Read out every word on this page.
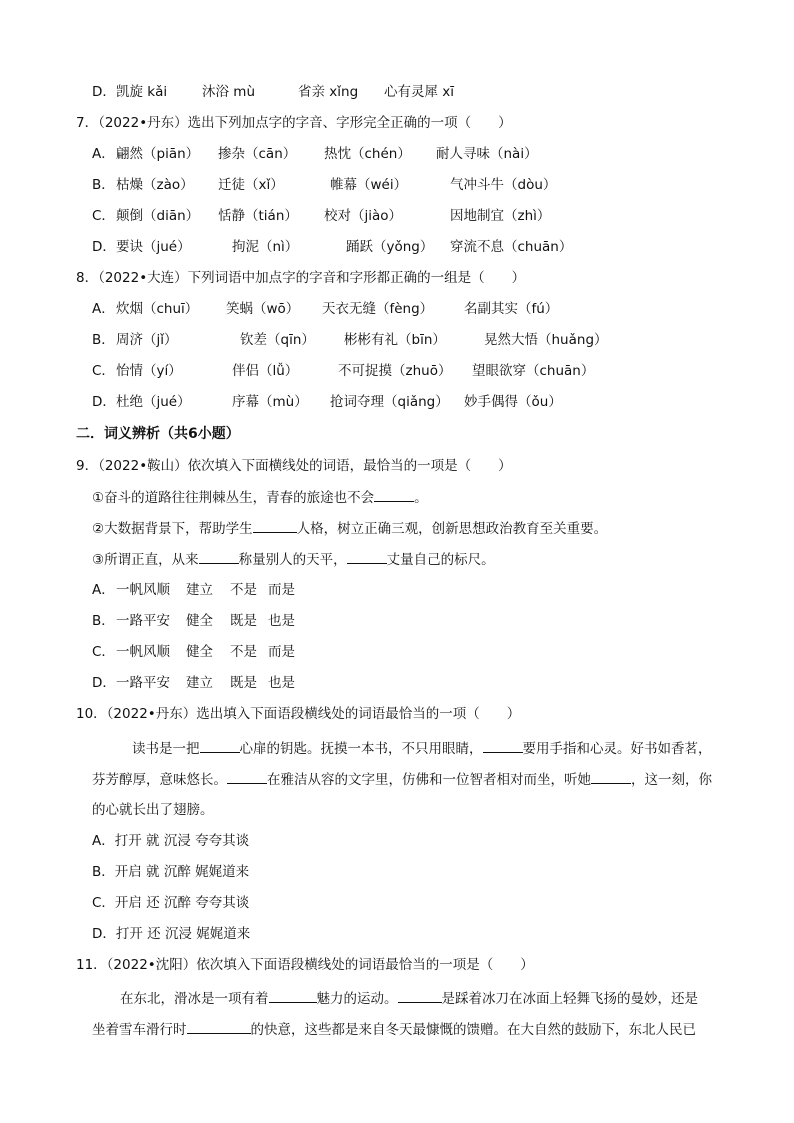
D． 凯旋 kǎi	沐浴 mù	省亲 xǐng 心有灵犀 xī
7．（2022•丹东）选出下列加点字的字音、字形完全正确的一项（　　）
A． 翩然（piān） 掺杂（cān） 热忱（chén） 耐人寻味（nài）
B． 枯燥（zào） 迁徒（xǐ）	帷幕（wéi）	气冲斗牛（dòu）
C． 颠倒（diān） 恬静（tián） 校对（jiào）	因地制宜（zhì）
D． 要诀（jué）	拘泥（nì）	踊跃（yǒng） 穿流不息（chuān）
8．（2022•大连）下列词语中加点字的字音和字形都正确的一组是（　　）
A． 炊烟（chuī） 笑蜗（wō） 天衣无缝（fèng） 名副其实（fú）
B． 周济（jǐ）	钦差（qīn） 彬彬有礼（bīn）	晃然大悟（huǎng）
C． 怡情（yí）	伴侣（lǚ）	不可捉摸（zhuō） 望眼欲穿（chuān）
D． 杜绝（jué）	序幕（mù） 抢词夺理（qiǎng） 妙手偶得（ǒu）
二．词义辨析（共6小题）
9．（2022•鞍山）依次填入下面横线处的词语，最恰当的一项是（　　）
①奋斗的道路往往荆棘丛生，青春的旅途也不会	。
②大数据背景下，帮助学生	人格，树立正确三观，创新思想政治教育至关重要。
③所谓正直，从来	称量别人的天平，	丈量自己的标尺。
A． 一帆风顺 建立 不是 而是
B． 一路平安 健全 既是 也是
C． 一帆风顺 健全 不是 而是
D． 一路平安 建立 既是 也是
10．（2022•丹东）选出填入下面语段横线处的词语最恰当的一项（　　）
读书是一把	心扉的钥匙。抚摸一本书，不只用眼睛，	要用手指和心灵。好书如香茗，
芬芳醇厚，意味悠长。	在雅洁从容的文字里，仿佛和一位智者相对而坐，听她	，这一刻，你
的心就长出了翅膀。
A．打开 就 沉浸 夸夸其谈
B．开启 就 沉醉 娓娓道来
C．开启 还 沉醉 夸夸其谈
D．打开 还 沉浸 娓娓道来
11．（2022•沈阳）依次填入下面语段横线处的词语最恰当的一项是（　　）
在东北，滑冰是一项有着	魅力的运动。	是踩着冰刀在冰面上轻舞飞扬的曼妙，还是
坐着雪车滑行时	的快意，这些都是来自冬天最慷慨的馈赠。在大自然的鼓励下，东北人民已
